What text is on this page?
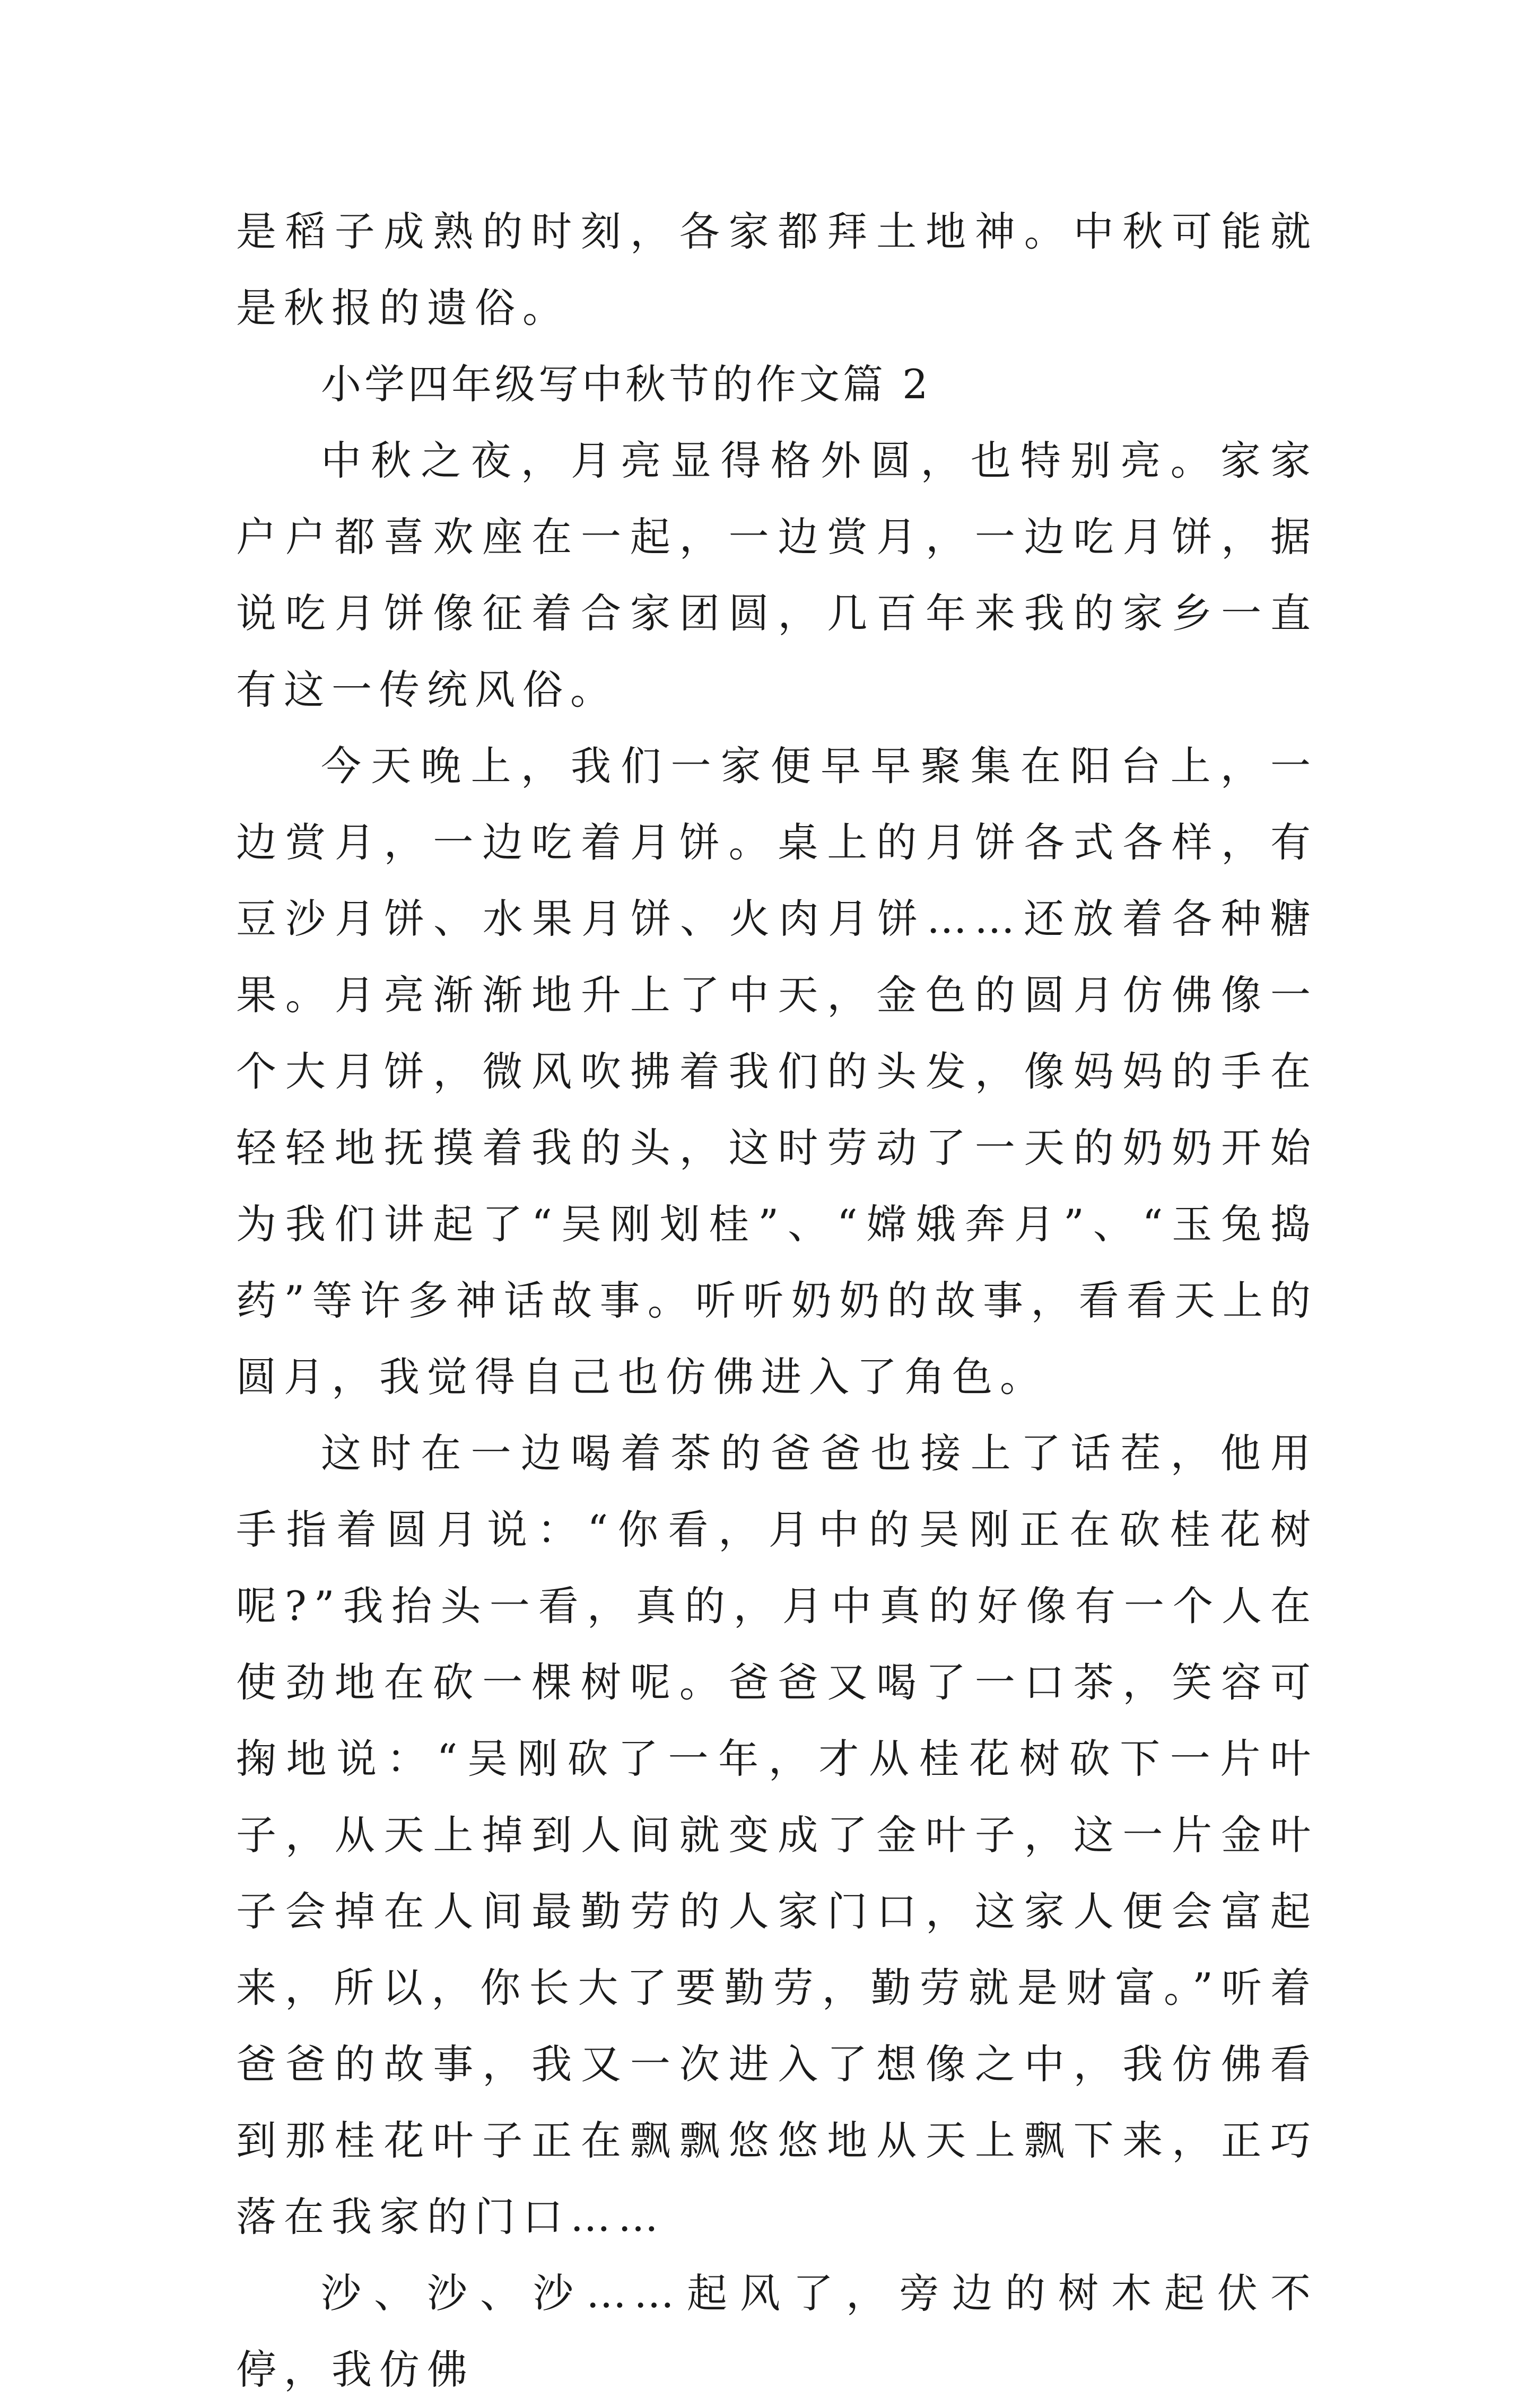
是稻子成熟的时刻，各家都拜土地神。中秋可能就是秋报的遗俗。

小学四年级写中秋节的作文篇 2

中秋之夜，月亮显得格外圆，也特别亮。家家户户都喜欢座在一起，一边赏月，一边吃月饼，据说吃月饼像征着合家团圆，几百年来我的家乡一直有这一传统风俗。

今天晚上，我们一家便早早聚集在阳台上，一边赏月，一边吃着月饼。桌上的月饼各式各样，有豆沙月饼、水果月饼、火肉月饼……还放着各种糖果。月亮渐渐地升上了中天，金色的圆月仿佛像一个大月饼，微风吹拂着我们的头发，像妈妈的手在轻轻地抚摸着我的头，这时劳动了一天的奶奶开始为我们讲起了“吴刚划桂”、“嫦娥奔月”、“玉兔捣药”等许多神话故事。听听奶奶的故事，看看天上的圆月，我觉得自己也仿佛进入了角色。

这时在一边喝着茶的爸爸也接上了话茬，他用手指着圆月说：“你看，月中的吴刚正在砍桂花树呢?”我抬头一看，真的，月中真的好像有一个人在使劲地在砍一棵树呢。爸爸又喝了一口茶，笑容可掬地说：“吴刚砍了一年，才从桂花树砍下一片叶子，从天上掉到人间就变成了金叶子，这一片金叶子会掉在人间最勤劳的人家门口，这家人便会富起来，所以，你长大了要勤劳，勤劳就是财富。”听着爸爸的故事，我又一次进入了想像之中，我仿佛看到那桂花叶子正在飘飘悠悠地从天上飘下来，正巧落在我家的门口……

沙、沙、沙……起风了，旁边的树木起伏不停，我仿佛
